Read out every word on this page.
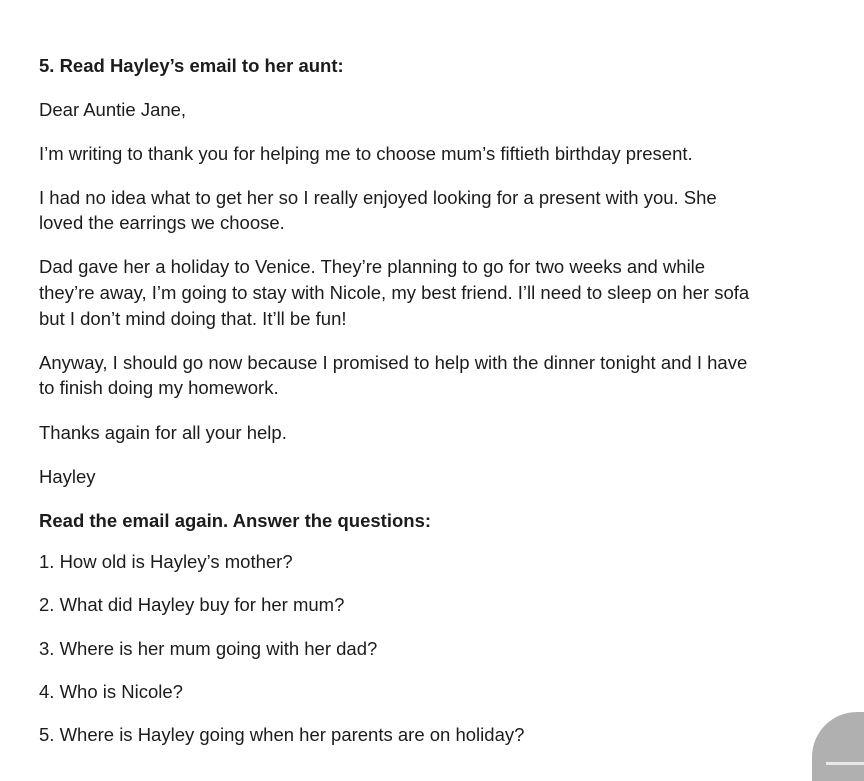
5. Read Hayley’s email to her aunt:

Dear Auntie Jane,

I’m writing to thank you for helping me to choose mum’s fiftieth birthday present.

I had no idea what to get her so I really enjoyed looking for a present with you. She

loved the earrings we choose.

Dad gave her a holiday to Venice. They’re planning to go for two weeks and while

they’re away, I’m going to stay with Nicole, my best friend. I’ll need to sleep on her sofa

but I don’t mind doing that. It’ll be fun!

Anyway, I should go now because I promised to help with the dinner tonight and I have

to finish doing my homework.

Thanks again for all your help.

Hayley

Read the email again. Answer the questions:

1. How old is Hayley’s mother?

2. What did Hayley buy for her mum?

3. Where is her mum going with her dad?

4. Who is Nicole?

5. Where is Hayley going when her parents are on holiday?
